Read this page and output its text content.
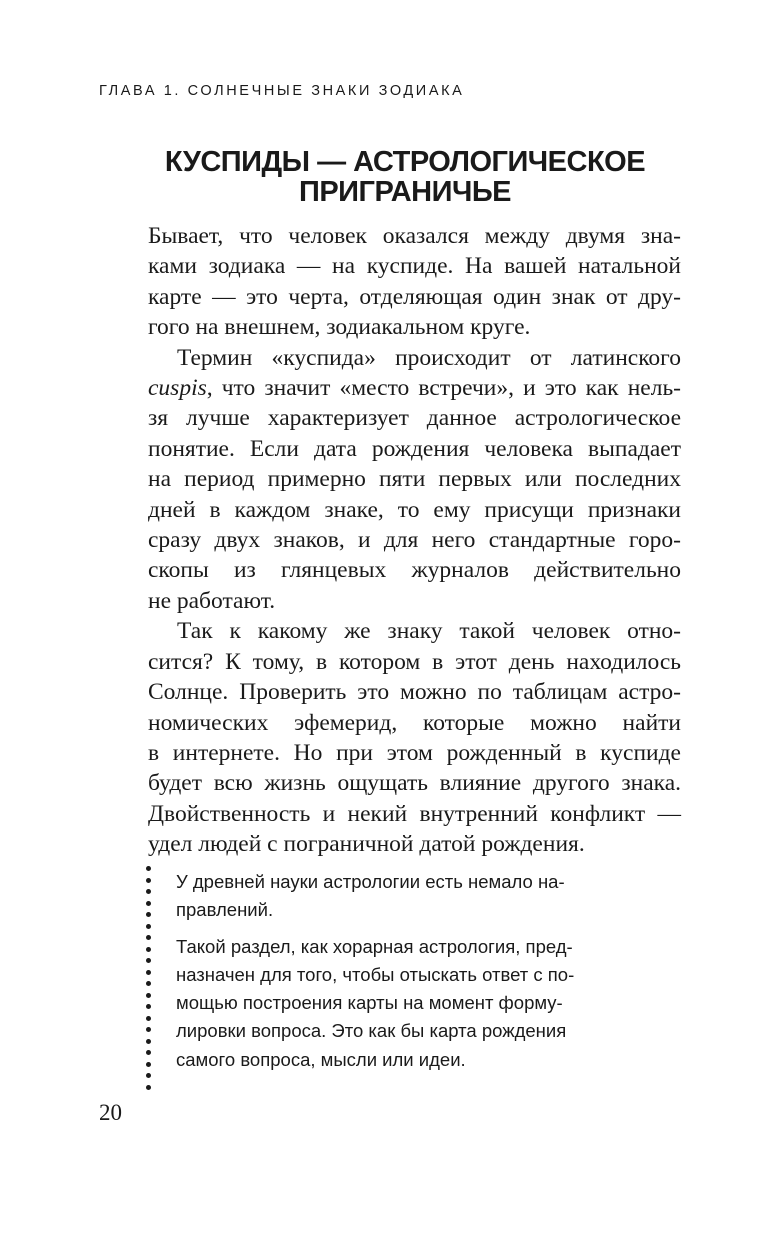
ГЛАВА 1. СОЛНЕЧНЫЕ ЗНАКИ ЗОДИАКА
КУСПИДЫ — АСТРОЛОГИЧЕСКОЕ
ПРИГРАНИЧЬЕ
Бывает, что человек оказался между двумя зна-
ками зодиака — на куспиде. На вашей натальной
карте — это черта, отделяющая один знак от дру-
гого на внешнем, зодиакальном круге.
Термин «куспида» происходит от латинского
cuspis, что значит «место встречи», и это как нель-
зя лучше характеризует данное астрологическое
понятие. Если дата рождения человека выпадает
на период примерно пяти первых или последних
дней в каждом знаке, то ему присущи признаки
сразу двух знаков, и для него стандартные горо-
скопы из глянцевых журналов действительно
не работают.
Так к какому же знаку такой человек отно-
сится? К тому, в котором в этот день находилось
Солнце. Проверить это можно по таблицам астро-
номических эфемерид, которые можно найти
в интернете. Но при этом рожденный в куспиде
будет всю жизнь ощущать влияние другого знака.
Двойственность и некий внутренний конфликт —
удел людей с пограничной датой рождения.
У древней науки астрологии есть немало на-
правлений.
Такой раздел, как хорарная астрология, пред-
назначен для того, чтобы отыскать ответ с по-
мощью построения карты на момент форму-
лировки вопроса. Это как бы карта рождения
самого вопроса, мысли или идеи.
20
